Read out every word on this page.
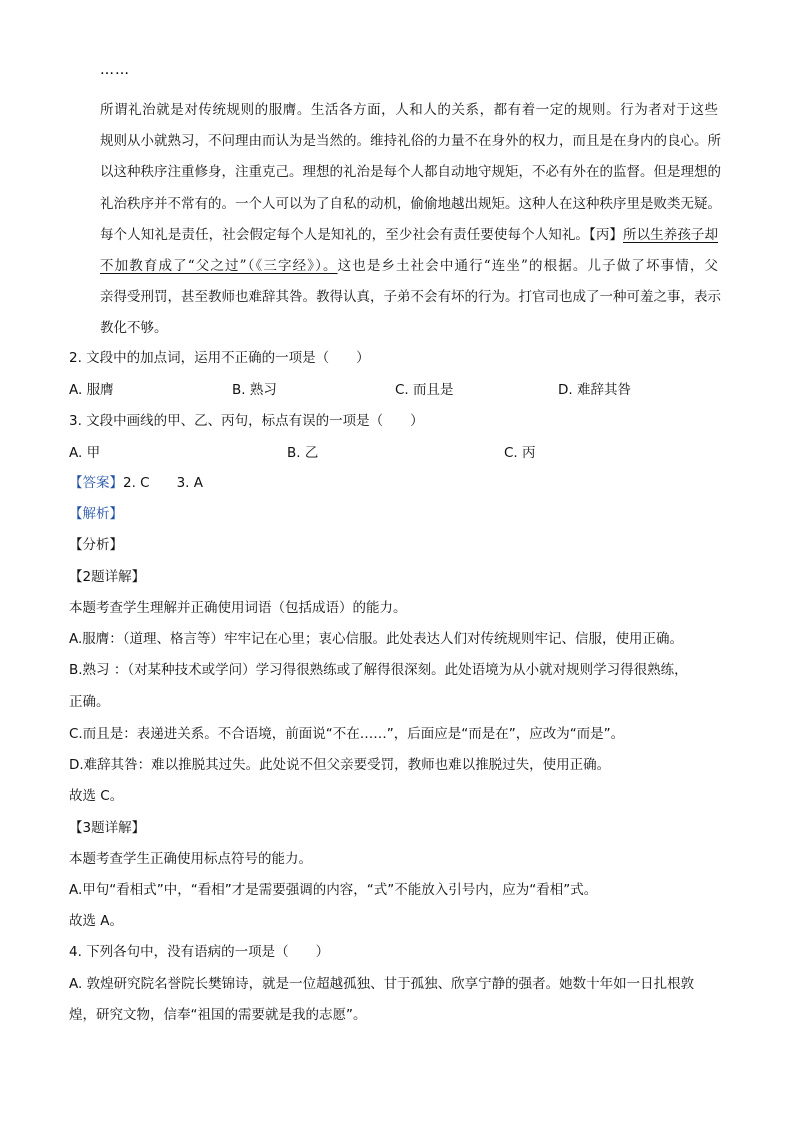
……
所谓礼治就是对传统规则的服膺。生活各方面，人和人的关系，都有着一定的规则。行为者对于这些
规则从小就熟习，不问理由而认为是当然的。维持礼俗的力量不在身外的权力，而且是在身内的良心。所
以这种秩序注重修身，注重克己。理想的礼治是每个人都自动地守规矩，不必有外在的监督。但是理想的
礼治秩序并不常有的。一个人可以为了自私的动机，偷偷地越出规矩。这种人在这种秩序里是败类无疑。
每个人知礼是责任，社会假定每个人是知礼的，至少社会有责任要使每个人知礼。【丙】所以生养孩子却
不加教育成了“父之过”（《三字经》）。这也是乡土社会中通行“连坐”的根据。儿子做了坏事情，父
亲得受刑罚，甚至教师也难辞其咎。教得认真，子弟不会有坏的行为。打官司也成了一种可羞之事，表示
教化不够。
2. 文段中的加点词，运用不正确的一项是（　　）
A. 服膺	B. 熟习	C. 而且是	D. 难辞其咎
3. 文段中画线的甲、乙、丙句，标点有误的一项是（　　）
A. 甲	B. 乙	C. 丙
【答案】2. C　　3. A
【解析】
【分析】
【2题详解】
本题考查学生理解并正确使用词语（包括成语）的能力。
A.服膺：（道理、格言等）牢牢记在心里；衷心信服。此处表达人们对传统规则牢记、信服，使用正确。
B.熟习 ：（对某种技术或学问）学习得很熟练或了解得很深刻。此处语境为从小就对规则学习得很熟练，
正确。
C.而且是：表递进关系。不合语境，前面说“不在……”，后面应是“而是在”，应改为“而是”。
D.难辞其咎：难以推脱其过失。此处说不但父亲要受罚，教师也难以推脱过失，使用正确。
故选 C。
【3题详解】
本题考查学生正确使用标点符号的能力。
A.甲句“看相式”中，“看相”才是需要强调的内容，“式”不能放入引号内，应为“看相”式。
故选 A。
4. 下列各句中，没有语病的一项是（　　）
A. 敦煌研究院名誉院长樊锦诗，就是一位超越孤独、甘于孤独、欣享宁静的强者。她数十年如一日扎根敦
煌，研究文物，信奉“祖国的需要就是我的志愿”。
